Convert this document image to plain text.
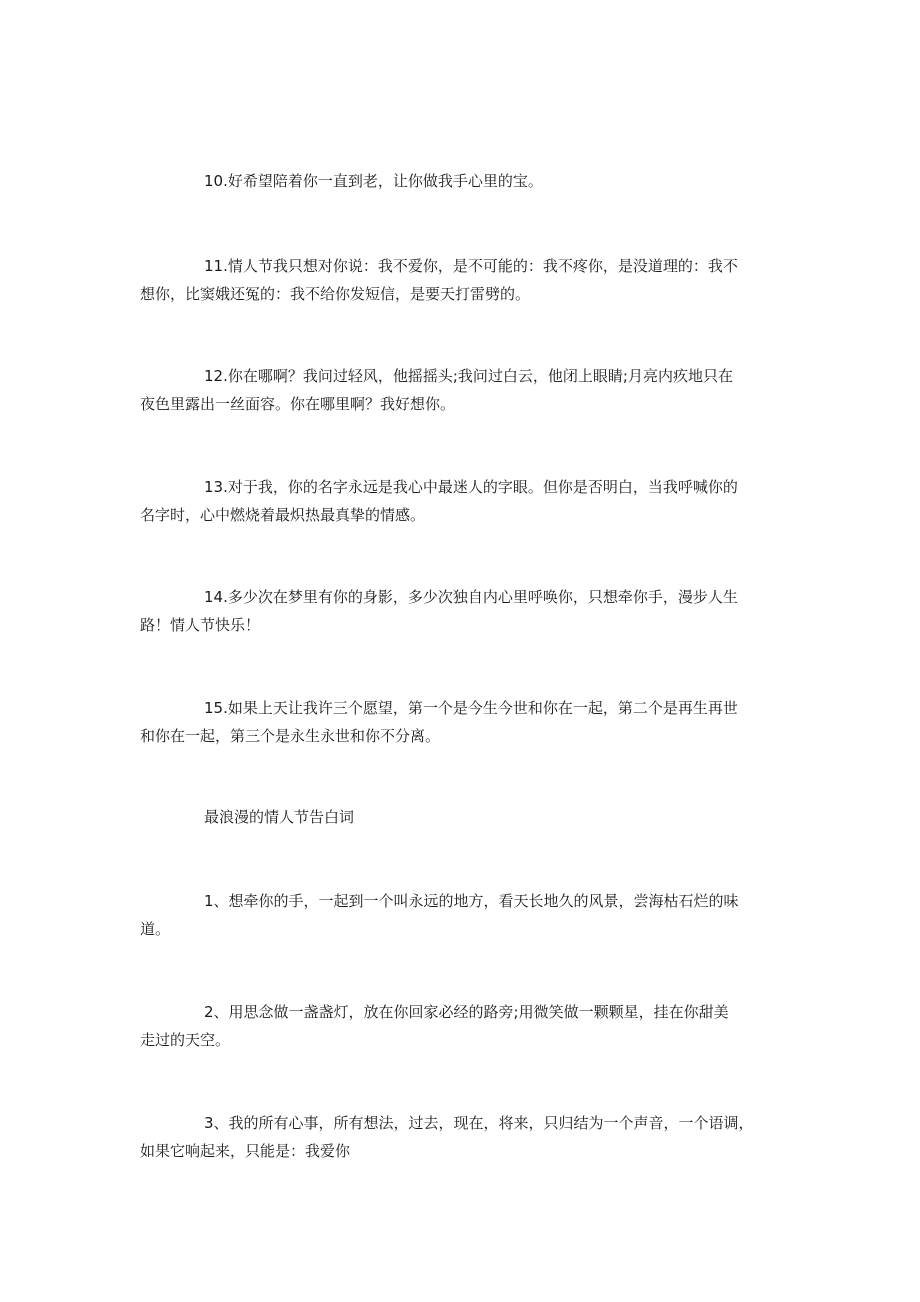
10.好希望陪着你一直到老，让你做我手心里的宝。

11.情人节我只想对你说：我不爱你，是不可能的：我不疼你，是没道理的：我不
想你，比窦娥还冤的：我不给你发短信，是要天打雷劈的。

12.你在哪啊？我问过轻风，他摇摇头;我问过白云，他闭上眼睛;月亮内疚地只在
夜色里露出一丝面容。你在哪里啊？我好想你。

13.对于我，你的名字永远是我心中最迷人的字眼。但你是否明白，当我呼喊你的
名字时，心中燃烧着最炽热最真挚的情感。

14.多少次在梦里有你的身影，多少次独自内心里呼唤你，只想牵你手，漫步人生
路！情人节快乐！

15.如果上天让我许三个愿望，第一个是今生今世和你在一起，第二个是再生再世
和你在一起，第三个是永生永世和你不分离。

最浪漫的情人节告白词

1、想牵你的手，一起到一个叫永远的地方，看天长地久的风景，尝海枯石烂的味
道。

2、用思念做一盏盏灯，放在你回家必经的路旁;用微笑做一颗颗星，挂在你甜美
走过的天空。

3、我的所有心事，所有想法，过去，现在，将来，只归结为一个声音，一个语调，
如果它响起来，只能是：我爱你
